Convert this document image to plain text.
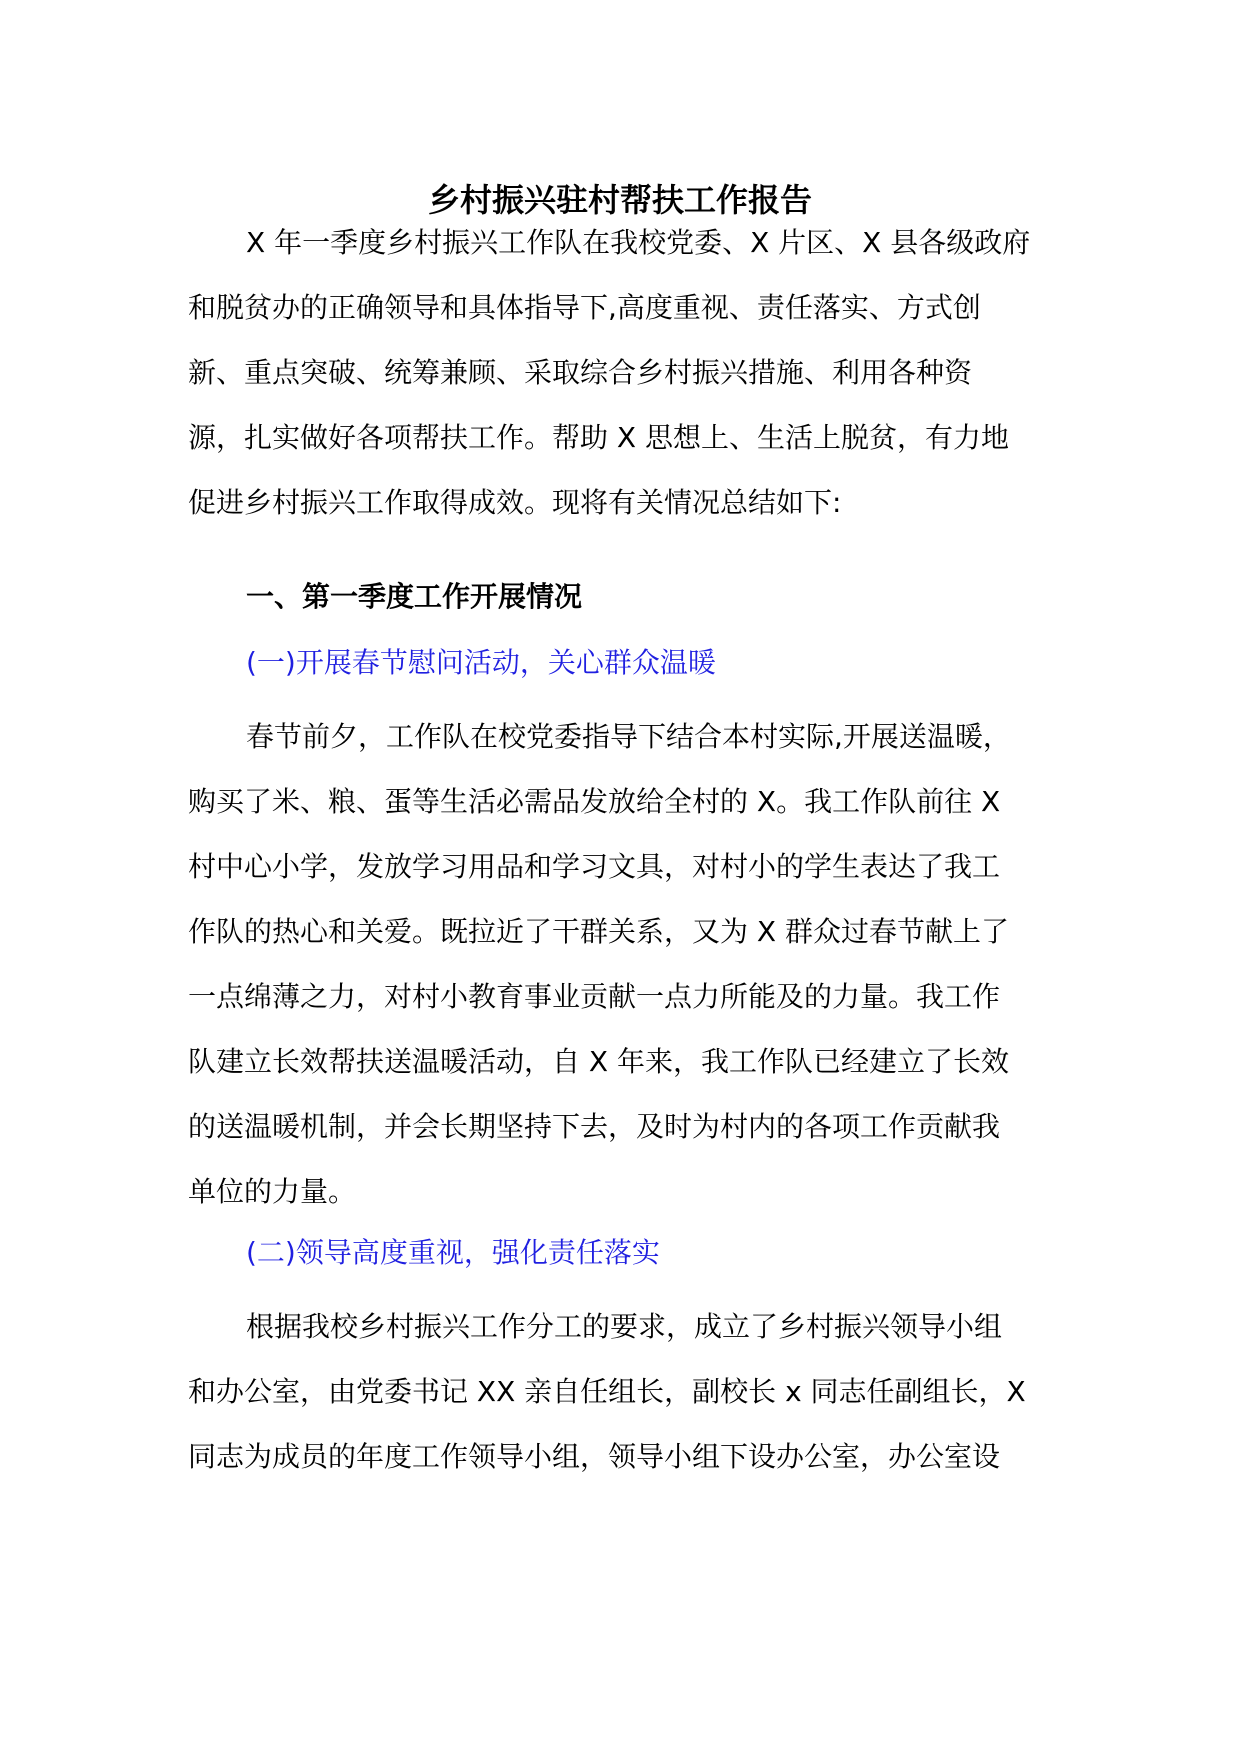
乡村振兴驻村帮扶工作报告
X 年一季度乡村振兴工作队在我校党委、X 片区、X 县各级政府
和脱贫办的正确领导和具体指导下,高度重视、责任落实、方式创
新、重点突破、统筹兼顾、采取综合乡村振兴措施、利用各种资
源，扎实做好各项帮扶工作。帮助 X 思想上、生活上脱贫，有力地
促进乡村振兴工作取得成效。现将有关情况总结如下:
一、第一季度工作开展情况
(一)开展春节慰问活动，关心群众温暖
春节前夕，工作队在校党委指导下结合本村实际,开展送温暖，
购买了米、粮、蛋等生活必需品发放给全村的 X。我工作队前往 X
村中心小学，发放学习用品和学习文具，对村小的学生表达了我工
作队的热心和关爱。既拉近了干群关系，又为 X 群众过春节献上了
一点绵薄之力，对村小教育事业贡献一点力所能及的力量。我工作
队建立长效帮扶送温暖活动，自 X 年来，我工作队已经建立了长效
的送温暖机制，并会长期坚持下去，及时为村内的各项工作贡献我
单位的力量。
(二)领导高度重视，强化责任落实
根据我校乡村振兴工作分工的要求，成立了乡村振兴领导小组
和办公室，由党委书记 XX 亲自任组长，副校长 x 同志任副组长，X
同志为成员的年度工作领导小组，领导小组下设办公室，办公室设
